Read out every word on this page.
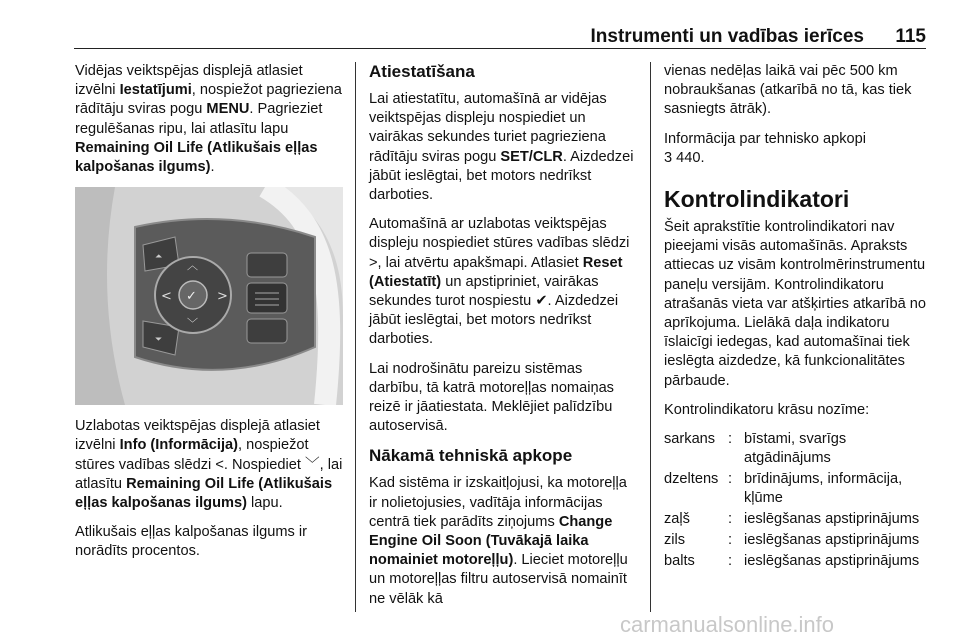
Instrumenti un vadības ierīces 115

Vidējas veiktspējas displejā atlasiet izvēlni Iestatījumi, nospiežot pagrieziena rādītāju sviras pogu MENU. Pagrieziet regulēšanas ripu, lai atlasītu lapu Remaining Oil Life (Atlikušais eļļas kalpošanas ilgums).

⏶
⏷
✓
︿
﹀
<	>

Uzlabotas veiktspējas displejā atlasiet izvēlni Info (Informācija), nospiežot stūres vadības slēdzi <. Nospiediet ﹀, lai atlasītu Remaining Oil Life (Atlikušais eļļas kalpošanas ilgums) lapu.

Atlikušais eļļas kalpošanas ilgums ir norādīts procentos.

Atiestatīšana

Lai atiestatītu, automašīnā ar vidējas veiktspējas displeju nospiediet un vairākas sekundes turiet pagrieziena rādītāju sviras pogu SET/CLR. Aizdedzei jābūt ieslēgtai, bet motors nedrīkst darboties.

Automašīnā ar uzlabotas veiktspējas displeju nospiediet stūres vadības slēdzi >, lai atvērtu apakšmapi. Atlasiet Reset (Atiestatīt) un apstipriniet, vairākas sekundes turot nospiestu ✔. Aizdedzei jābūt ieslēgtai, bet motors nedrīkst darboties.

Lai nodrošinātu pareizu sistēmas darbību, tā katrā motoreļļas nomaiņas reizē ir jāatiestata. Meklējiet palīdzību autoservisā.

Nākamā tehniskā apkope

Kad sistēma ir izskaitļojusi, ka motoreļļa ir nolietojusies, vadītāja informācijas centrā tiek parādīts ziņojums Change Engine Oil Soon (Tuvākajā laika nomainiet motoreļļu). Lieciet motoreļļu un motoreļļas filtru autoservisā nomainīt ne vēlāk kā

vienas nedēļas laikā vai pēc 500 km nobraukšanas (atkarībā no tā, kas tiek sasniegts ātrāk).

Informācija par tehnisko apkopi
3 440.

Kontrolindikatori

Šeit aprakstītie kontrolindikatori nav pieejami visās automašīnās. Apraksts attiecas uz visām kontrolmērinstrumentu paneļu versijām. Kontrolindikatoru atrašanās vieta var atšķirties atkarībā no aprīkojuma. Lielākā daļa indikatoru īslaicīgi iedegas, kad automašīnai tiek ieslēgta aizdedze, kā funkcionalitātes pārbaude.

Kontrolindikatoru krāsu nozīme:

sarkans	:	bīstami, svarīgs atgādinājums
dzeltens	:	brīdinājums, informācija, kļūme
zaļš	:	ieslēgšanas apstiprinājums
zils	:	ieslēgšanas apstiprinājums
balts	:	ieslēgšanas apstiprinājums
carmanualsonline.info
